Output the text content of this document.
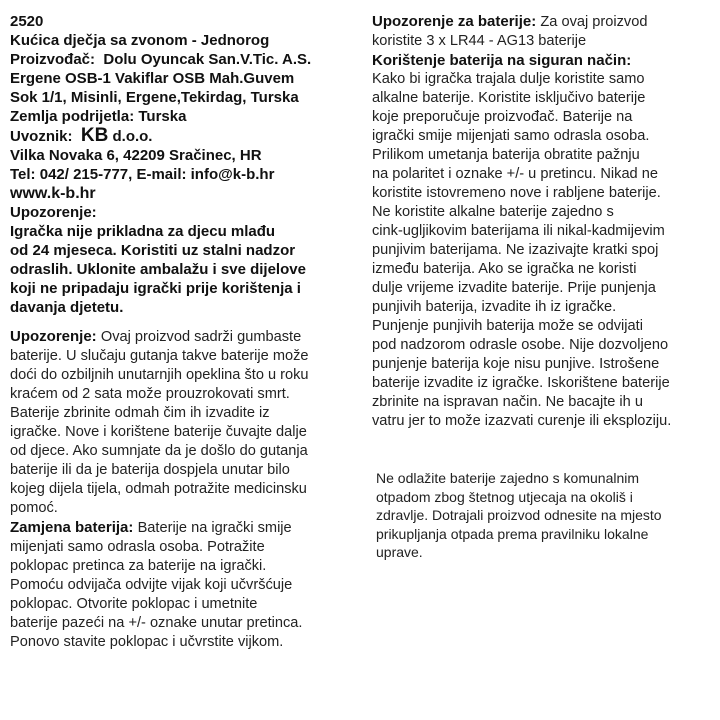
2520
Kućica dječja sa zvonom - Jednorog
Proizvođač: Dolu Oyuncak San.V.Tic. A.S.
Ergene OSB-1 Vakiflar OSB Mah.Guvem
Sok 1/1, Misinli, Ergene,Tekirdag, Turska
Zemlja podrijetla: Turska
Uvoznik: KB d.o.o.
Vilka Novaka 6, 42209 Sračinec, HR
Tel: 042/ 215-777, E-mail: info@k-b.hr
www.k-b.hr
Upozorenje:
Igračka nije prikladna za djecu mlađu
od 24 mjeseca. Koristiti uz stalni nadzor
odraslih. Uklonite ambalažu i sve dijelove
koji ne pripadaju igrački prije korištenja i
davanja djetetu.
Upozorenje: Ovaj proizvod sadrži gumbaste
baterije. U slučaju gutanja takve baterije može
doći do ozbiljnih unutarnjih opeklina što u roku
kraćem od 2 sata može prouzrokovati smrt.
Baterije zbrinite odmah čim ih izvadite iz
igračke. Nove i korištene baterije čuvajte dalje
od djece. Ako sumnjate da je došlo do gutanja
baterije ili da je baterija dospjela unutar bilo
kojeg dijela tijela, odmah potražite medicinsku
pomoć.
Zamjena baterija: Baterije na igrački smije
mijenjati samo odrasla osoba. Potražite
poklopac pretinca za baterije na igrački.
Pomoću odvijača odvijte vijak koji učvršćuje
poklopac. Otvorite poklopac i umetnite
baterije pazeći na +/- oznake unutar pretinca.
Ponovo stavite poklopac i učvrstite vijkom.
Upozorenje za baterije: Za ovaj proizvod
koristite 3 x LR44 - AG13 baterije
Korištenje baterija na siguran način:
Kako bi igračka trajala dulje koristite samo
alkalne baterije. Koristite isključivo baterije
koje preporučuje proizvođač. Baterije na
igrački smije mijenjati samo odrasla osoba.
Prilikom umetanja baterija obratite pažnju
na polaritet i oznake +/- u pretincu. Nikad ne
koristite istovremeno nove i rabljene baterije.
Ne koristite alkalne baterije zajedno s
cink-ugljikovim baterijama ili nikal-kadmijevim
punjivim baterijama. Ne izazivajte kratki spoj
između baterija. Ako se igračka ne koristi
dulje vrijeme izvadite baterije. Prije punjenja
punjivih baterija, izvadite ih iz igračke.
Punjenje punjivih baterija može se odvijati
pod nadzorom odrasle osobe. Nije dozvoljeno
punjenje baterija koje nisu punjive. Istrošene
baterije izvadite iz igračke. Iskorištene baterije
zbrinite na ispravan način. Ne bacajte ih u
vatru jer to može izazvati curenje ili eksploziju.
Ne odlažite baterije zajedno s komunalnim
otpadom zbog štetnog utjecaja na okoliš i
zdravlje. Dotrajali proizvod odnesite na mjesto
prikupljanja otpada prema pravilniku lokalne
uprave.
